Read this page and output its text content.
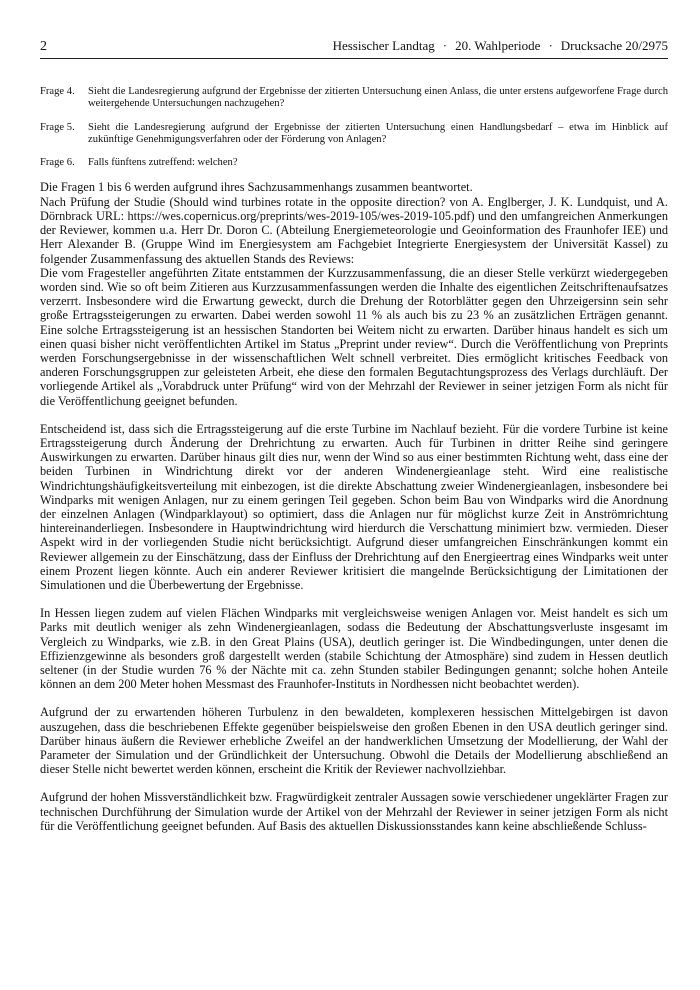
2	Hessischer Landtag · 20. Wahlperiode · Drucksache 20/2975
Frage 4.	Sieht die Landesregierung aufgrund der Ergebnisse der zitierten Untersuchung einen Anlass, die unter erstens aufgeworfene Frage durch weitergehende Untersuchungen nachzugehen?
Frage 5.	Sieht die Landesregierung aufgrund der Ergebnisse der zitierten Untersuchung einen Handlungsbedarf – etwa im Hinblick auf zukünftige Genehmigungsverfahren oder der Förderung von Anlagen?
Frage 6.	Falls fünftens zutreffend: welchen?

Die Fragen 1 bis 6 werden aufgrund ihres Sachzusammenhangs zusammen beantwortet.

Nach Prüfung der Studie (Should wind turbines rotate in the opposite direction? von A. Englberger, J. K. Lundquist, und A. Dörnbrack URL: https://wes.copernicus.org/preprints/wes-2019-105/wes-2019-105.pdf) und den umfangreichen Anmerkungen der Reviewer, kommen u.a. Herr Dr. Doron C. (Abteilung Energiemeteorologie und Geoinformation des Fraunhofer IEE) und Herr Alexander B. (Gruppe Wind im Energiesystem am Fachgebiet Integrierte Energiesystem der Universität Kassel) zu folgender Zusammenfassung des aktuellen Stands des Reviews:

Die vom Fragesteller angeführten Zitate entstammen der Kurzzusammenfassung, die an dieser Stelle verkürzt wiedergegeben worden sind. Wie so oft beim Zitieren aus Kurzzusammenfassungen werden die Inhalte des eigentlichen Zeitschriftenaufsatzes verzerrt. Insbesondere wird die Erwartung geweckt, durch die Drehung der Rotorblätter gegen den Uhrzeigersinn sein sehr große Ertragssteigerungen zu erwarten. Dabei werden sowohl 11 % als auch bis zu 23 % an zusätzlichen Erträgen genannt. Eine solche Ertragssteigerung ist an hessischen Standorten bei Weitem nicht zu erwarten. Darüber hinaus handelt es sich um einen quasi bisher nicht veröffentlichten Artikel im Status „Preprint under review“. Durch die Veröffentlichung von Preprints werden Forschungsergebnisse in der wissenschaftlichen Welt schnell verbreitet. Dies ermöglicht kritisches Feedback von anderen Forschungsgruppen zur geleisteten Arbeit, ehe diese den formalen Begutachtungsprozess des Verlags durchläuft. Der vorliegende Artikel als „Vorabdruck unter Prüfung“ wird von der Mehrzahl der Reviewer in seiner jetzigen Form als nicht für die Veröffentlichung geeignet befunden.

Entscheidend ist, dass sich die Ertragssteigerung auf die erste Turbine im Nachlauf bezieht. Für die vordere Turbine ist keine Ertragssteigerung durch Änderung der Drehrichtung zu erwarten. Auch für Turbinen in dritter Reihe sind geringere Auswirkungen zu erwarten. Darüber hinaus gilt dies nur, wenn der Wind so aus einer bestimmten Richtung weht, dass eine der beiden Turbinen in Windrichtung direkt vor der anderen Windenergieanlage steht. Wird eine realistische Windrichtungshäufigkeitsverteilung mit einbezogen, ist die direkte Abschattung zweier Windenergieanlagen, insbesondere bei Windparks mit wenigen Anlagen, nur zu einem geringen Teil gegeben. Schon beim Bau von Windparks wird die Anordnung der einzelnen Anlagen (Windparklayout) so optimiert, dass die Anlagen nur für möglichst kurze Zeit in Anströmrichtung hintereinanderliegen. Insbesondere in Hauptwindrichtung wird hierdurch die Verschattung minimiert bzw. vermieden. Dieser Aspekt wird in der vorliegenden Studie nicht berücksichtigt. Aufgrund dieser umfangreichen Einschränkungen kommt ein Reviewer allgemein zu der Einschätzung, dass der Einfluss der Drehrichtung auf den Energieertrag eines Windparks weit unter einem Prozent liegen könnte. Auch ein anderer Reviewer kritisiert die mangelnde Berücksichtigung der Limitationen der Simulationen und die Überbewertung der Ergebnisse.

In Hessen liegen zudem auf vielen Flächen Windparks mit vergleichsweise wenigen Anlagen vor. Meist handelt es sich um Parks mit deutlich weniger als zehn Windenergieanlagen, sodass die Bedeutung der Abschattungsverluste insgesamt im Vergleich zu Windparks, wie z.B. in den Great Plains (USA), deutlich geringer ist. Die Windbedingungen, unter denen die Effizienzgewinne als besonders groß dargestellt werden (stabile Schichtung der Atmosphäre) sind zudem in Hessen deutlich seltener (in der Studie wurden 76 % der Nächte mit ca. zehn Stunden stabiler Bedingungen genannt; solche hohen Anteile können an dem 200 Meter hohen Messmast des Fraunhofer-Instituts in Nordhessen nicht beobachtet werden).

Aufgrund der zu erwartenden höheren Turbulenz in den bewaldeten, komplexeren hessischen Mittelgebirgen ist davon auszugehen, dass die beschriebenen Effekte gegenüber beispielsweise den großen Ebenen in den USA deutlich geringer sind. Darüber hinaus äußern die Reviewer erhebliche Zweifel an der handwerklichen Umsetzung der Modellierung, der Wahl der Parameter der Simulation und der Gründlichkeit der Untersuchung. Obwohl die Details der Modellierung abschließend an dieser Stelle nicht bewertet werden können, erscheint die Kritik der Reviewer nachvollziehbar.

Aufgrund der hohen Missverständlichkeit bzw. Fragwürdigkeit zentraler Aussagen sowie verschiedener ungeklärter Fragen zur technischen Durchführung der Simulation wurde der Artikel von der Mehrzahl der Reviewer in seiner jetzigen Form als nicht für die Veröffentlichung geeignet befunden. Auf Basis des aktuellen Diskussionsstandes kann keine abschließende Schluss-
